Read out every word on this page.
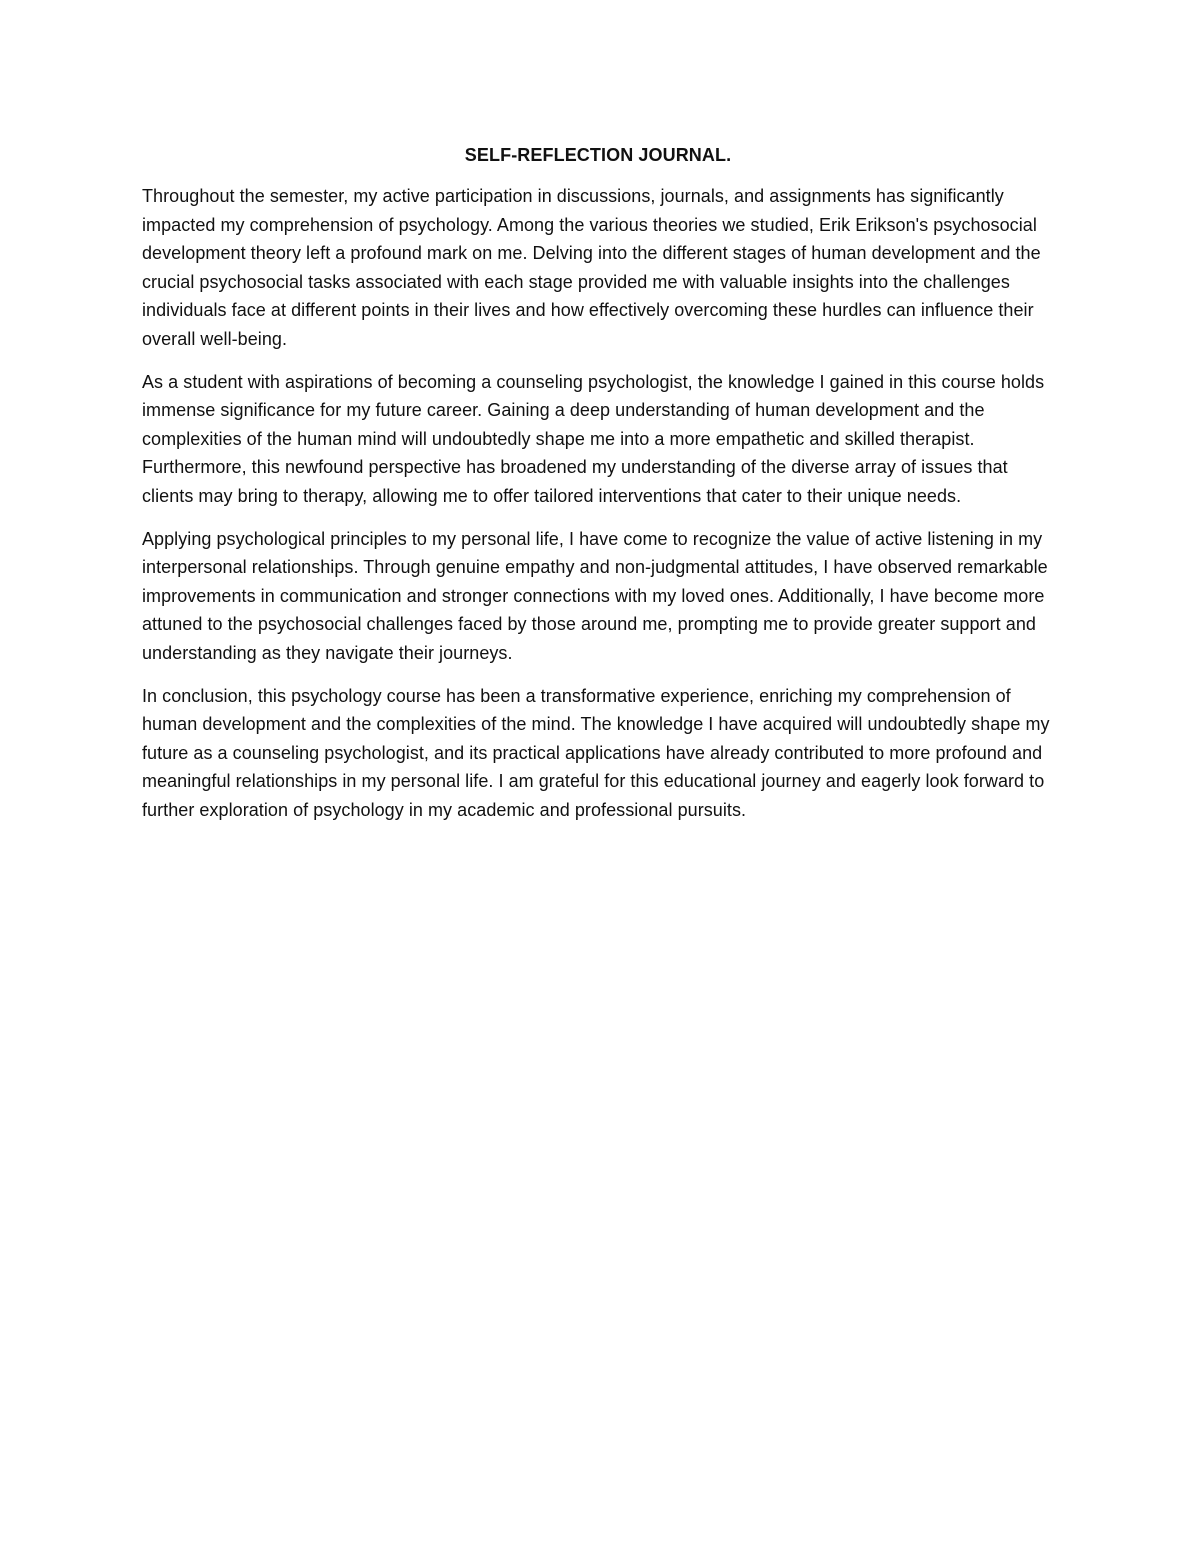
SELF-REFLECTION JOURNAL.

Throughout the semester, my active participation in discussions, journals, and assignments has significantly impacted my comprehension of psychology. Among the various theories we studied, Erik Erikson's psychosocial development theory left a profound mark on me. Delving into the different stages of human development and the crucial psychosocial tasks associated with each stage provided me with valuable insights into the challenges individuals face at different points in their lives and how effectively overcoming these hurdles can influence their overall well-being.

As a student with aspirations of becoming a counseling psychologist, the knowledge I gained in this course holds immense significance for my future career. Gaining a deep understanding of human development and the complexities of the human mind will undoubtedly shape me into a more empathetic and skilled therapist. Furthermore, this newfound perspective has broadened my understanding of the diverse array of issues that clients may bring to therapy, allowing me to offer tailored interventions that cater to their unique needs.

Applying psychological principles to my personal life, I have come to recognize the value of active listening in my interpersonal relationships. Through genuine empathy and non-judgmental attitudes, I have observed remarkable improvements in communication and stronger connections with my loved ones. Additionally, I have become more attuned to the psychosocial challenges faced by those around me, prompting me to provide greater support and understanding as they navigate their journeys.

In conclusion, this psychology course has been a transformative experience, enriching my comprehension of human development and the complexities of the mind. The knowledge I have acquired will undoubtedly shape my future as a counseling psychologist, and its practical applications have already contributed to more profound and meaningful relationships in my personal life. I am grateful for this educational journey and eagerly look forward to further exploration of psychology in my academic and professional pursuits.
